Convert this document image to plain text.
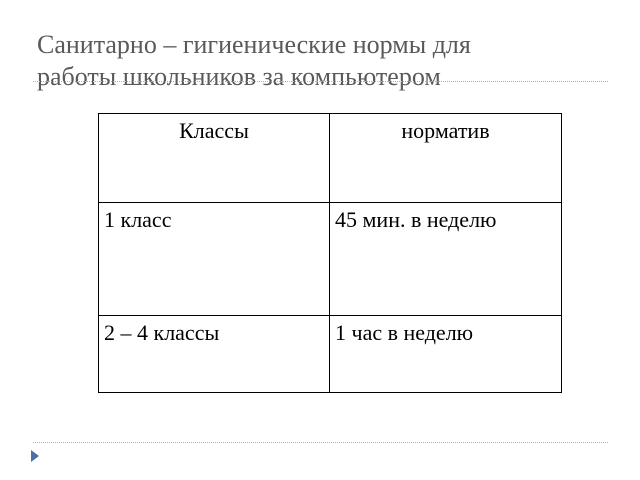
Санитарно – гигиенические нормы для
работы школьников за компьютером
Классы	норматив
1 класс	45 мин. в неделю
2 – 4 классы	1 час в неделю
